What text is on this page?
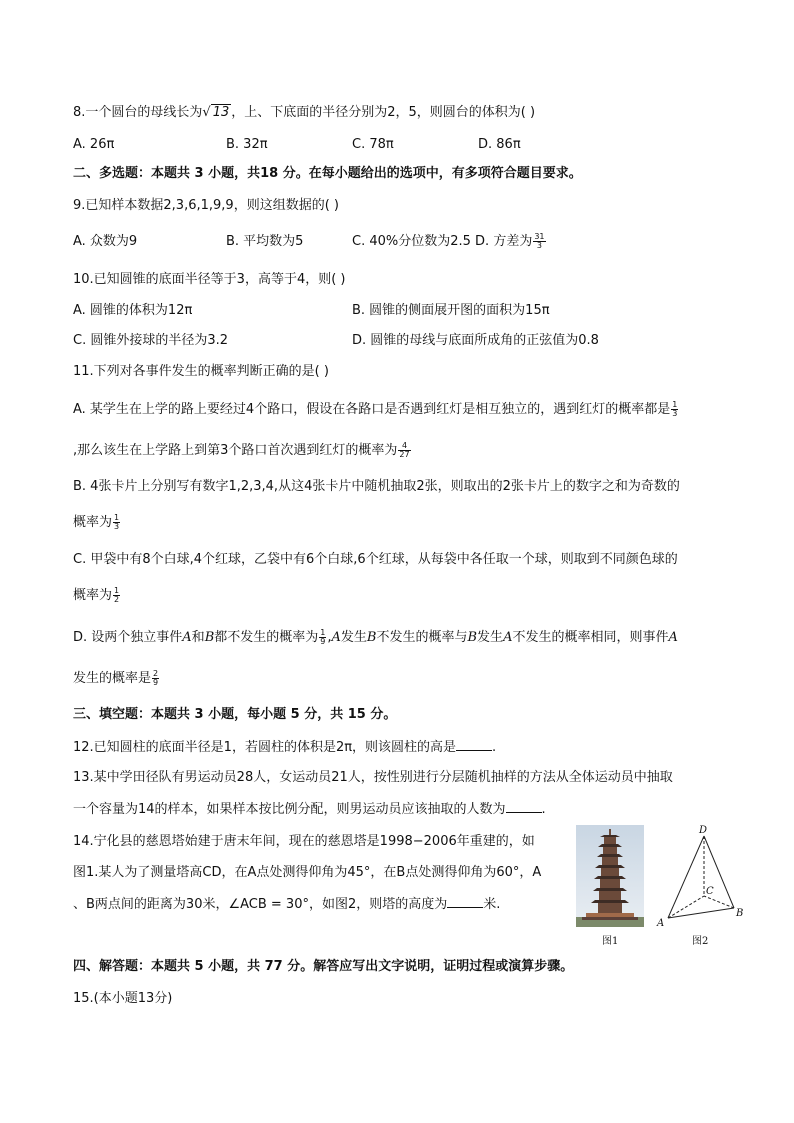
8.一个圆台的母线长为√ 13 ，上、下底面的半径分别为2，5，则圆台的体积为( )
A. 26π	B. 32π	C. 78π	D. 86π
二、多选题：本题共 3 小题，共18 分。在每小题给出的选项中，有多项符合题目要求。
9.已知样本数据2,3,6,1,9,9，则这组数据的( )
A. 众数为9	B. 平均数为5	C. 40%分位数为2.5 D. 方差为 $\frac{31}{3}$
10.已知圆锥的底面半径等于3，高等于4，则( )
A. 圆锥的体积为12π	B. 圆锥的侧面展开图的面积为15π
C. 圆锥外接球的半径为3.2	D. 圆锥的母线与底面所成角的正弦值为0.8
11.下列对各事件发生的概率判断正确的是( )
A. 某学生在上学的路上要经过4个路口，假设在各路口是否遇到红灯是相互独立的，遇到红灯的概率都是 $\frac{1}{3}$
,那么该生在上学路上到第3个路口首次遇到红灯的概率为 $\frac{4}{27}$
B. 4张卡片上分别写有数字1,2,3,4,从这4张卡片中随机抽取2张，则取出的2张卡片上的数字之和为奇数的
概率为 $\frac{1}{3}$
C. 甲袋中有8个白球,4个红球，乙袋中有6个白球,6个红球，从每袋中各任取一个球，则取到不同颜色球的
概率为 $\frac{1}{2}$
D. 设两个独立事件A和B都不发生的概率为 $\frac{1}{9} ,A$发生B不发生的概率与B发生A不发生的概率相同，则事件A
发生的概率是 $\frac{2}{9}$
三、填空题：本题共 3 小题，每小题 5 分，共 15 分。
12.已知圆柱的底面半径是1，若圆柱的体积是2π，则该圆柱的高是	.
13.某中学田径队有男运动员28人，女运动员21人，按性别进行分层随机抽样的方法从全体运动员中抽取
一个容量为14的样本，如果样本按比例分配，则男运动员应该抽取的人数为	.
14.宁化县的慈恩塔始建于唐末年间，现在的慈恩塔是1998−2006年重建的，如
图1.某人为了测量塔高CD，在A点处测得仰角为45°，在B点处测得仰角为60°，A
、B两点间的距离为30米，∠ACB = 30°，如图2，则塔的高度为	米.
图1
D
C
A
B
图2
四、解答题：本题共 5 小题，共 77 分。解答应写出文字说明，证明过程或演算步骤。
15.(本小题13分)
